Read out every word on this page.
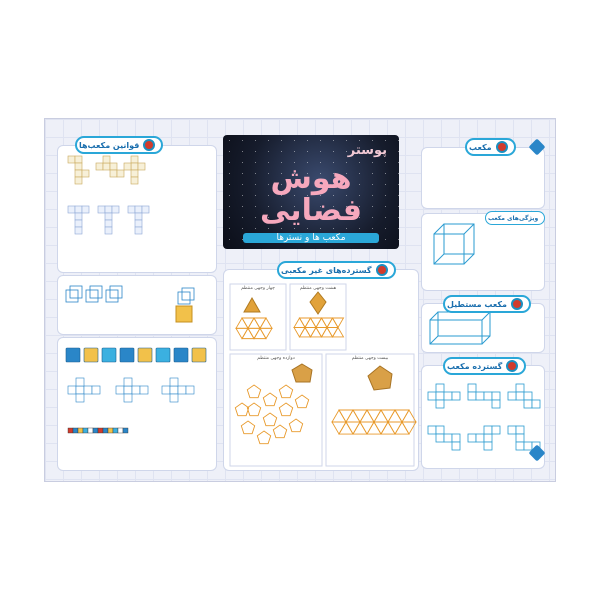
قوانین مکعب‌ها	پوستر
هوش
فضایی
مکعب ها و نسترها
چهار وجهی منتظم	هشت وجهی منتظم
دوازده وجهی منتظم	بیست وجهی منتظم
گسترده‌های غیر مکعبی
مکعب
ویژگی‌های مکعب
مکعب مستطیل
گسترده مکعب
